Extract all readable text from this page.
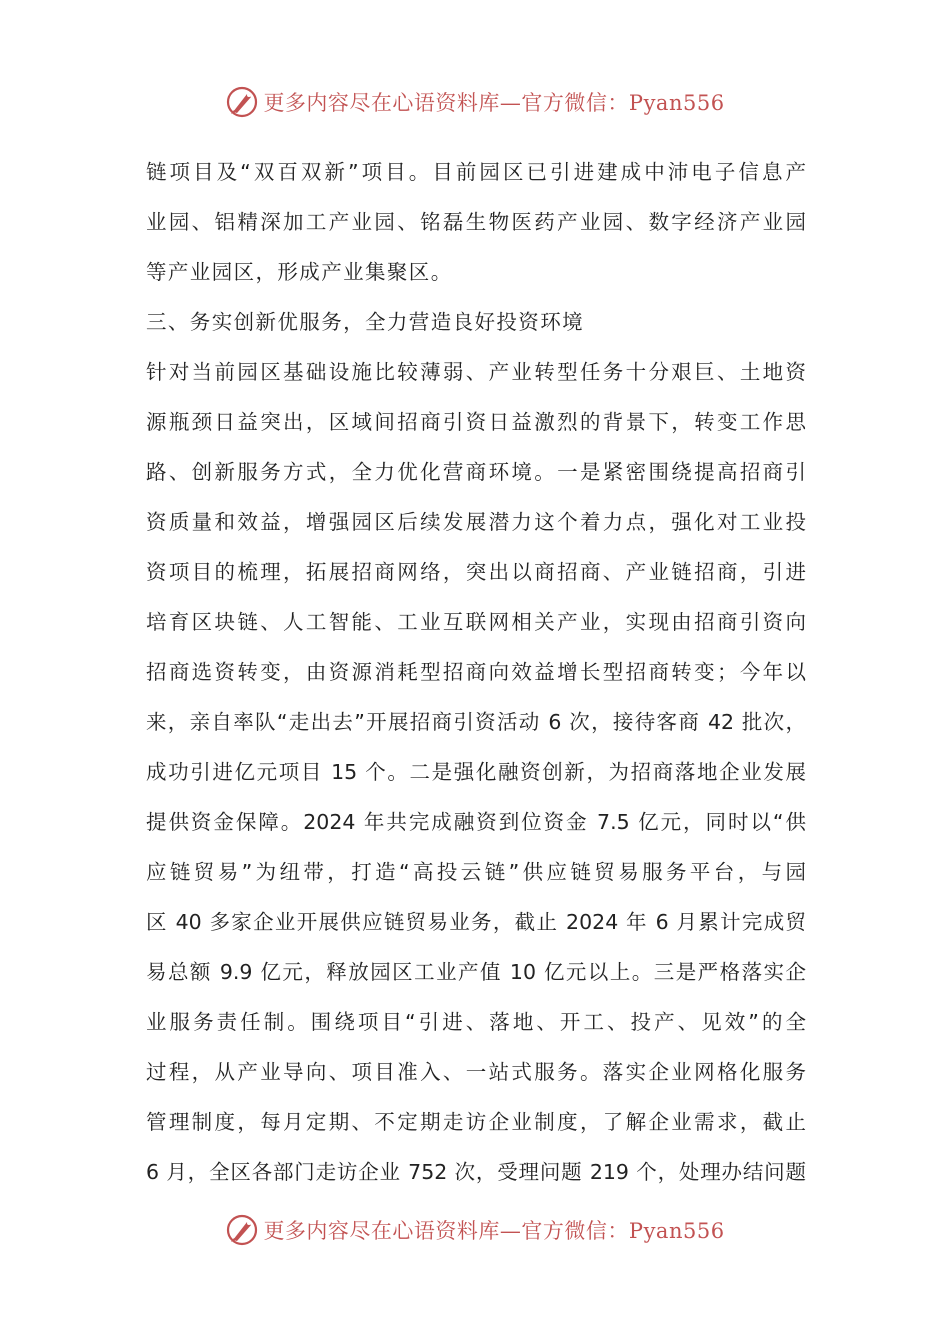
更多内容尽在心语资料库—官方微信：Pyan556
链项目及“双百双新”项目。目前园区已引进建成中沛电子信息产
业园、铝精深加工产业园、铭磊生物医药产业园、数字经济产业园
等产业园区，形成产业集聚区。
三、务实创新优服务，全力营造良好投资环境
针对当前园区基础设施比较薄弱、产业转型任务十分艰巨、土地资
源瓶颈日益突出，区域间招商引资日益激烈的背景下，转变工作思
路、创新服务方式，全力优化营商环境。一是紧密围绕提高招商引
资质量和效益，增强园区后续发展潜力这个着力点，强化对工业投
资项目的梳理，拓展招商网络，突出以商招商、产业链招商，引进
培育区块链、人工智能、工业互联网相关产业，实现由招商引资向
招商选资转变，由资源消耗型招商向效益增长型招商转变；今年以
来，亲自率队“走出去”开展招商引资活动 6 次，接待客商 42 批次，
成功引进亿元项目 15 个。二是强化融资创新，为招商落地企业发展
提供资金保障。2024 年共完成融资到位资金 7.5 亿元，同时以“供
应链贸易”为纽带，打造“高投云链”供应链贸易服务平台，与园
区 40 多家企业开展供应链贸易业务，截止 2024 年 6 月累计完成贸
易总额 9.9 亿元，释放园区工业产值 10 亿元以上。三是严格落实企
业服务责任制。围绕项目“引进、落地、开工、投产、见效”的全
过程，从产业导向、项目准入、一站式服务。落实企业网格化服务
管理制度，每月定期、不定期走访企业制度，了解企业需求，截止
6 月，全区各部门走访企业 752 次，受理问题 219 个，处理办结问题
更多内容尽在心语资料库—官方微信：Pyan556
